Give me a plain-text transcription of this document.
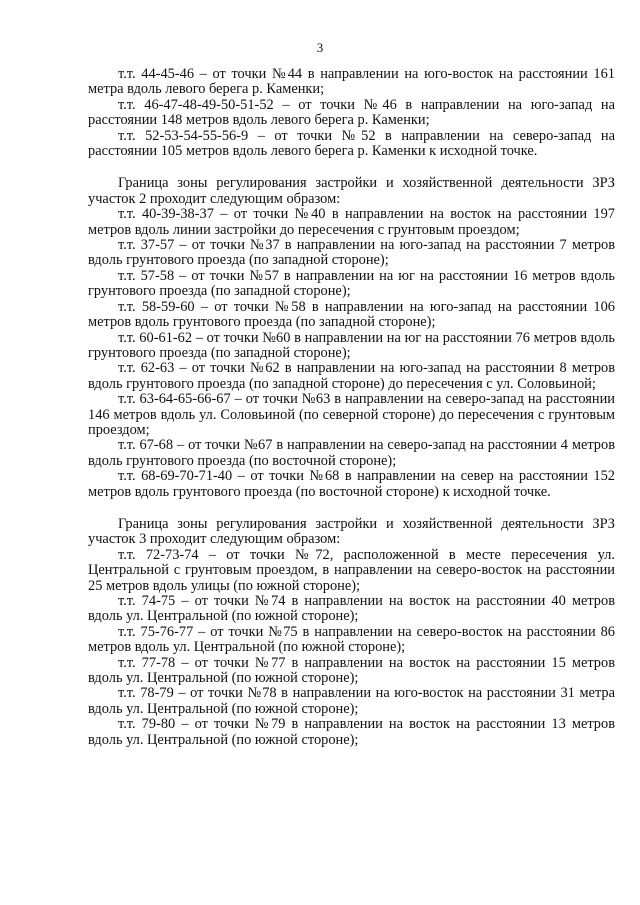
3

т.т. 44-45-46 – от точки №44 в направлении на юго-восток на расстоянии 161 метра вдоль левого берега р. Каменки;

т.т. 46-47-48-49-50-51-52 – от точки №46 в направлении на юго-запад на расстоянии 148 метров вдоль левого берега р. Каменки;

т.т. 52-53-54-55-56-9 – от точки №52 в направлении на северо-запад на расстоянии 105 метров вдоль левого берега р. Каменки к исходной точке.

Граница зоны регулирования застройки и хозяйственной деятельности ЗРЗ участок 2 проходит следующим образом:

т.т. 40-39-38-37 – от точки №40 в направлении на восток на расстоянии 197 метров вдоль линии застройки до пересечения с грунтовым проездом;

т.т. 37-57 – от точки №37 в направлении на юго-запад на расстоянии 7 метров вдоль грунтового проезда (по западной стороне);

т.т. 57-58 – от точки №57 в направлении на юг на расстоянии 16 метров вдоль грунтового проезда (по западной стороне);

т.т. 58-59-60 – от точки №58 в направлении на юго-запад на расстоянии 106 метров вдоль грунтового проезда (по западной стороне);

т.т. 60-61-62 – от точки №60 в направлении на юг на расстоянии 76 метров вдоль грунтового проезда (по западной стороне);

т.т. 62-63 – от точки №62 в направлении на юго-запад на расстоянии 8 метров вдоль грунтового проезда (по западной стороне) до пересечения с ул. Соловьиной;

т.т. 63-64-65-66-67 – от точки №63 в направлении на северо-запад на расстоянии 146 метров вдоль ул. Соловьиной (по северной стороне) до пересечения с грунтовым проездом;

т.т. 67-68 – от точки №67 в направлении на северо-запад на расстоянии 4 метров вдоль грунтового проезда (по восточной стороне);

т.т. 68-69-70-71-40 – от точки №68 в направлении на север на расстоянии 152 метров вдоль грунтового проезда (по восточной стороне) к исходной точке.

Граница зоны регулирования застройки и хозяйственной деятельности ЗРЗ участок 3 проходит следующим образом:

т.т. 72-73-74 – от точки №72, расположенной в месте пересечения ул. Центральной с грунтовым проездом, в направлении на северо-восток на расстоянии 25 метров вдоль улицы (по южной стороне);

т.т. 74-75 – от точки №74 в направлении на восток на расстоянии 40 метров вдоль ул. Центральной (по южной стороне);

т.т. 75-76-77 – от точки №75 в направлении на северо-восток на расстоянии 86 метров вдоль ул. Центральной (по южной стороне);

т.т. 77-78 – от точки №77 в направлении на восток на расстоянии 15 метров вдоль ул. Центральной (по южной стороне);

т.т. 78-79 – от точки №78 в направлении на юго-восток на расстоянии 31 метра вдоль ул. Центральной (по южной стороне);

т.т. 79-80 – от точки №79 в направлении на восток на расстоянии 13 метров вдоль ул. Центральной (по южной стороне);
